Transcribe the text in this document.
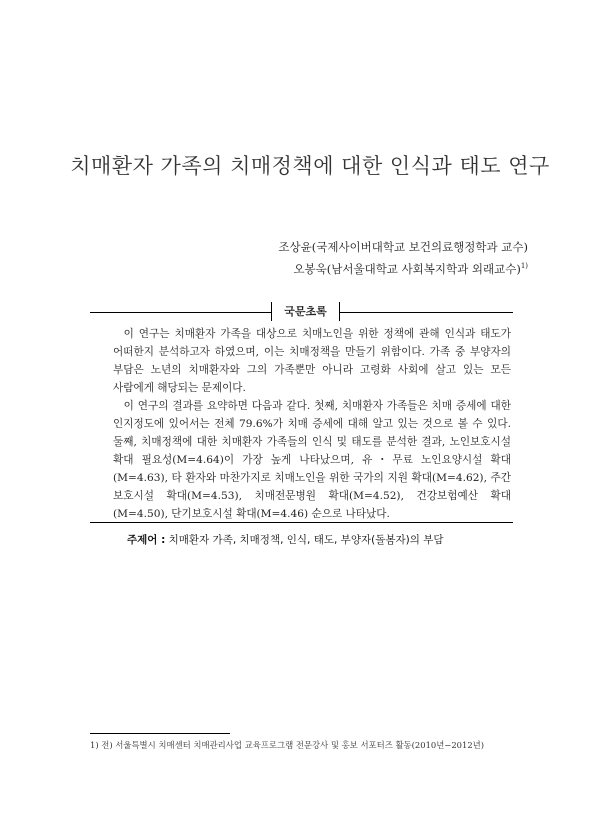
치매환자 가족의 치매정책에 대한 인식과 태도 연구
조상윤(국제사이버대학교 보건의료행정학과 교수)
오봉욱(남서울대학교 사회복지학과 외래교수)$^{1)}$
국문초록

이 연구는 치매환자 가족을 대상으로 치매노인을 위한 정책에 관해 인식과 태도가 어떠한지 분석하고자 하였으며, 이는 치매정책을 만들기 위함이다. 가족 중 부양자의 부담은 노년의 치매환자와 그의 가족뿐만 아니라 고령화 사회에 살고 있는 모든 사람에게 해당되는 문제이다.

이 연구의 결과를 요약하면 다음과 같다. 첫째, 치매환자 가족들은 치매 증세에 대한 인지정도에 있어서는 전체 79.6%가 치매 증세에 대해 알고 있는 것으로 볼 수 있다. 둘째, 치매정책에 대한 치매환자 가족들의 인식 및 태도를 분석한 결과, 노인보호시설 확대 필요성(M=4.64)이 가장 높게 나타났으며, 유・무료 노인요양시설 확대(M=4.63), 타 환자와 마찬가지로 치매노인을 위한 국가의 지원 확대(M=4.62), 주간 보호시설 확대(M=4.53), 치매전문병원 확대(M=4.52), 건강보험예산 확대(M=4.50), 단기보호시설 확대(M=4.46) 순으로 나타났다.

주제어 : 치매환자 가족, 치매정책, 인식, 태도, 부양자(돌봄자)의 부담
1) 전) 서울특별시 치매센터 치매관리사업 교육프로그램 전문강사 및 홍보 서포터즈 활동(2010년−2012년)
